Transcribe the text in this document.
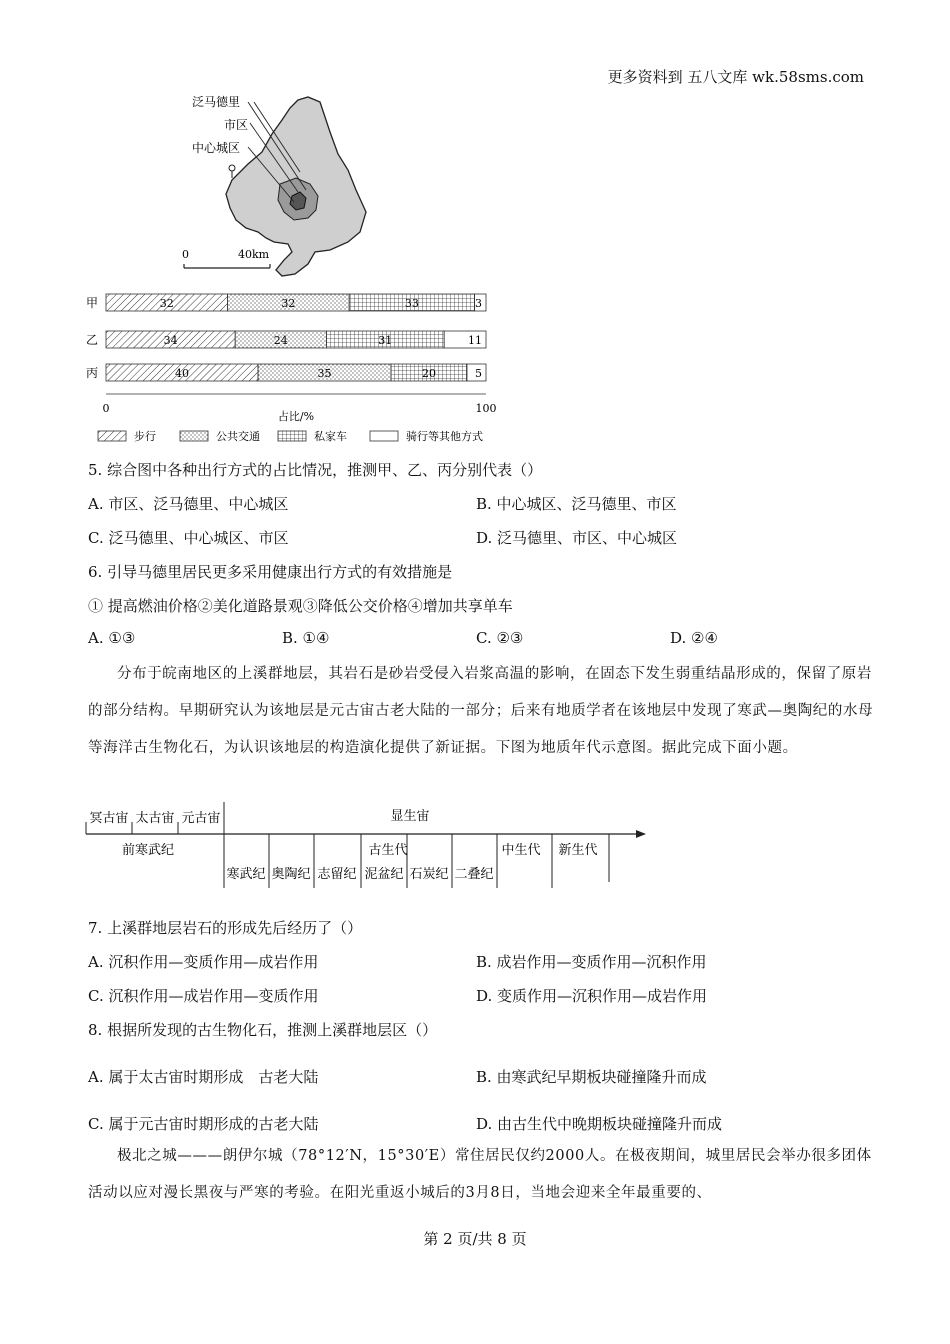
更多资料到 五八文库 wk.58sms.com
泛马德里
市区
中心城区
0	40km
甲	32	32	33	3
乙	34	24	31	11
丙	40	35	20	5
0	100
占比/%
步行	公共交通	私家车	骑行等其他方式
5. 综合图中各种出行方式的占比情况，推测甲、乙、丙分别代表（）
A. 市区、泛马德里、中心城区	B. 中心城区、泛马德里、市区
C. 泛马德里、中心城区、市区	D. 泛马德里、市区、中心城区
6. 引导马德里居民更多采用健康出行方式的有效措施是
① 提高燃油价格②美化道路景观③降低公交价格④增加共享单车
A. ①③	B. ①④	C. ②③	D. ②④

分布于皖南地区的上溪群地层，其岩石是砂岩受侵入岩浆高温的影响，在固态下发生弱重结晶形成的，保留了原岩的部分结构。早期研究认为该地层是元古宙古老大陆的一部分；后来有地质学者在该地层中发现了寒武—奥陶纪的水母等海洋古生物化石，为认识该地层的构造演化提供了新证据。下图为地质年代示意图。据此完成下面小题。

冥古宙 太古宙 元古宙	显生宙
前寒武纪	古生代	中生代 新生代
寒武纪 奥陶纪 志留纪 泥盆纪 石炭纪 二叠纪
7. 上溪群地层岩石的形成先后经历了（）
A. 沉积作用—变质作用—成岩作用	B. 成岩作用—变质作用—沉积作用
C. 沉积作用—成岩作用—变质作用	D. 变质作用—沉积作用—成岩作用
8. 根据所发现的古生物化石，推测上溪群地层区（）
A. 属于太古宙时期形成　古老大陆	B. 由寒武纪早期板块碰撞隆升而成
C. 属于元古宙时期形成的古老大陆	D. 由古生代中晚期板块碰撞隆升而成

极北之城———朗伊尔城（78°12′N，15°30′E）常住居民仅约2000人。在极夜期间，城里居民会举办很多团体活动以应对漫长黑夜与严寒的考验。在阳光重返小城后的3月8日，当地会迎来全年最重要的、

第 2 页/共 8 页
